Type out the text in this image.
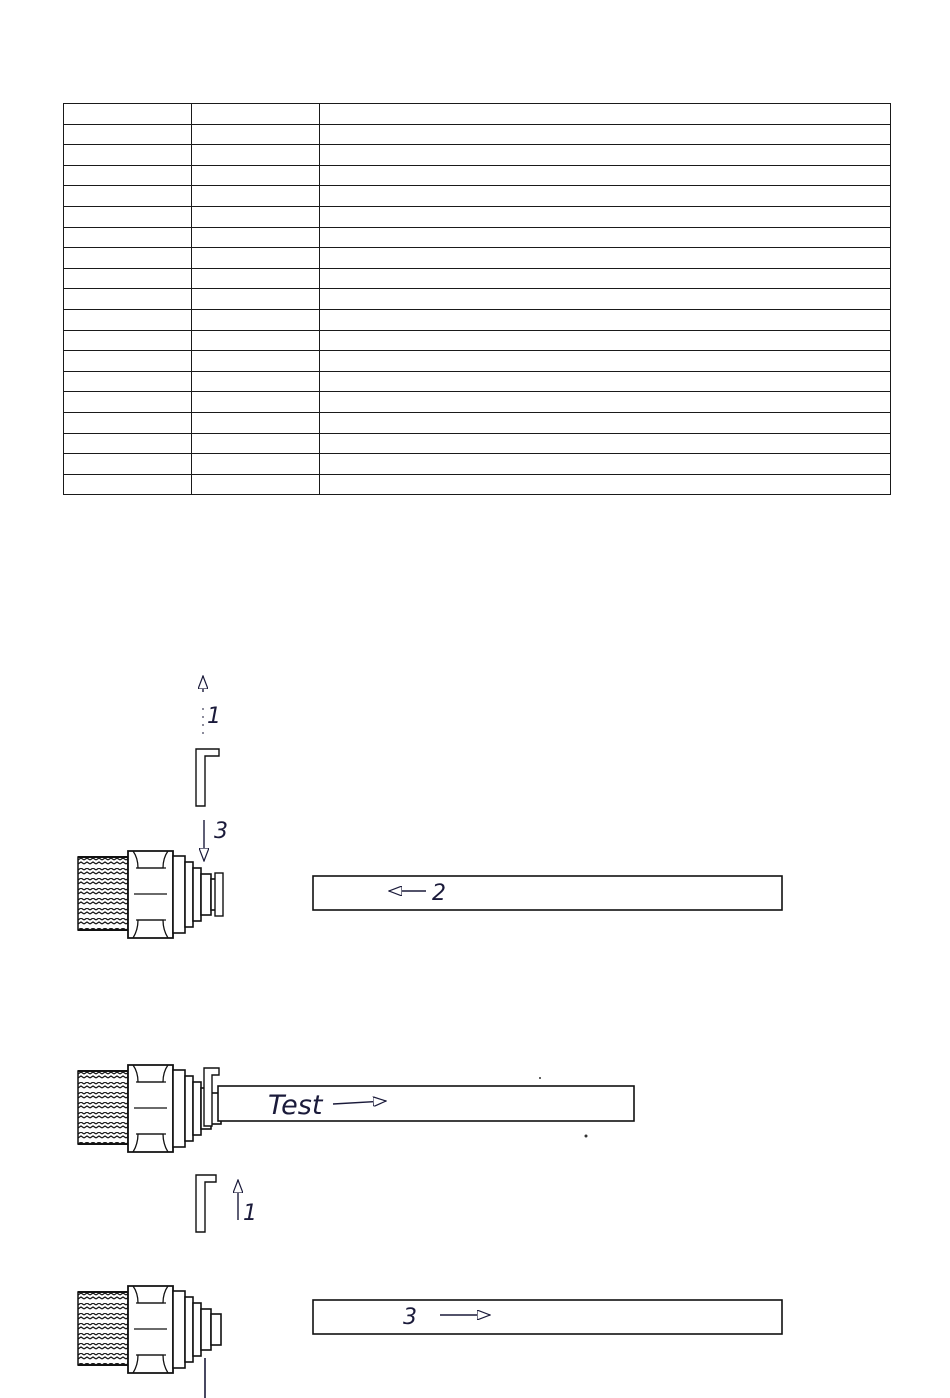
1
3
2
Test
1
3
